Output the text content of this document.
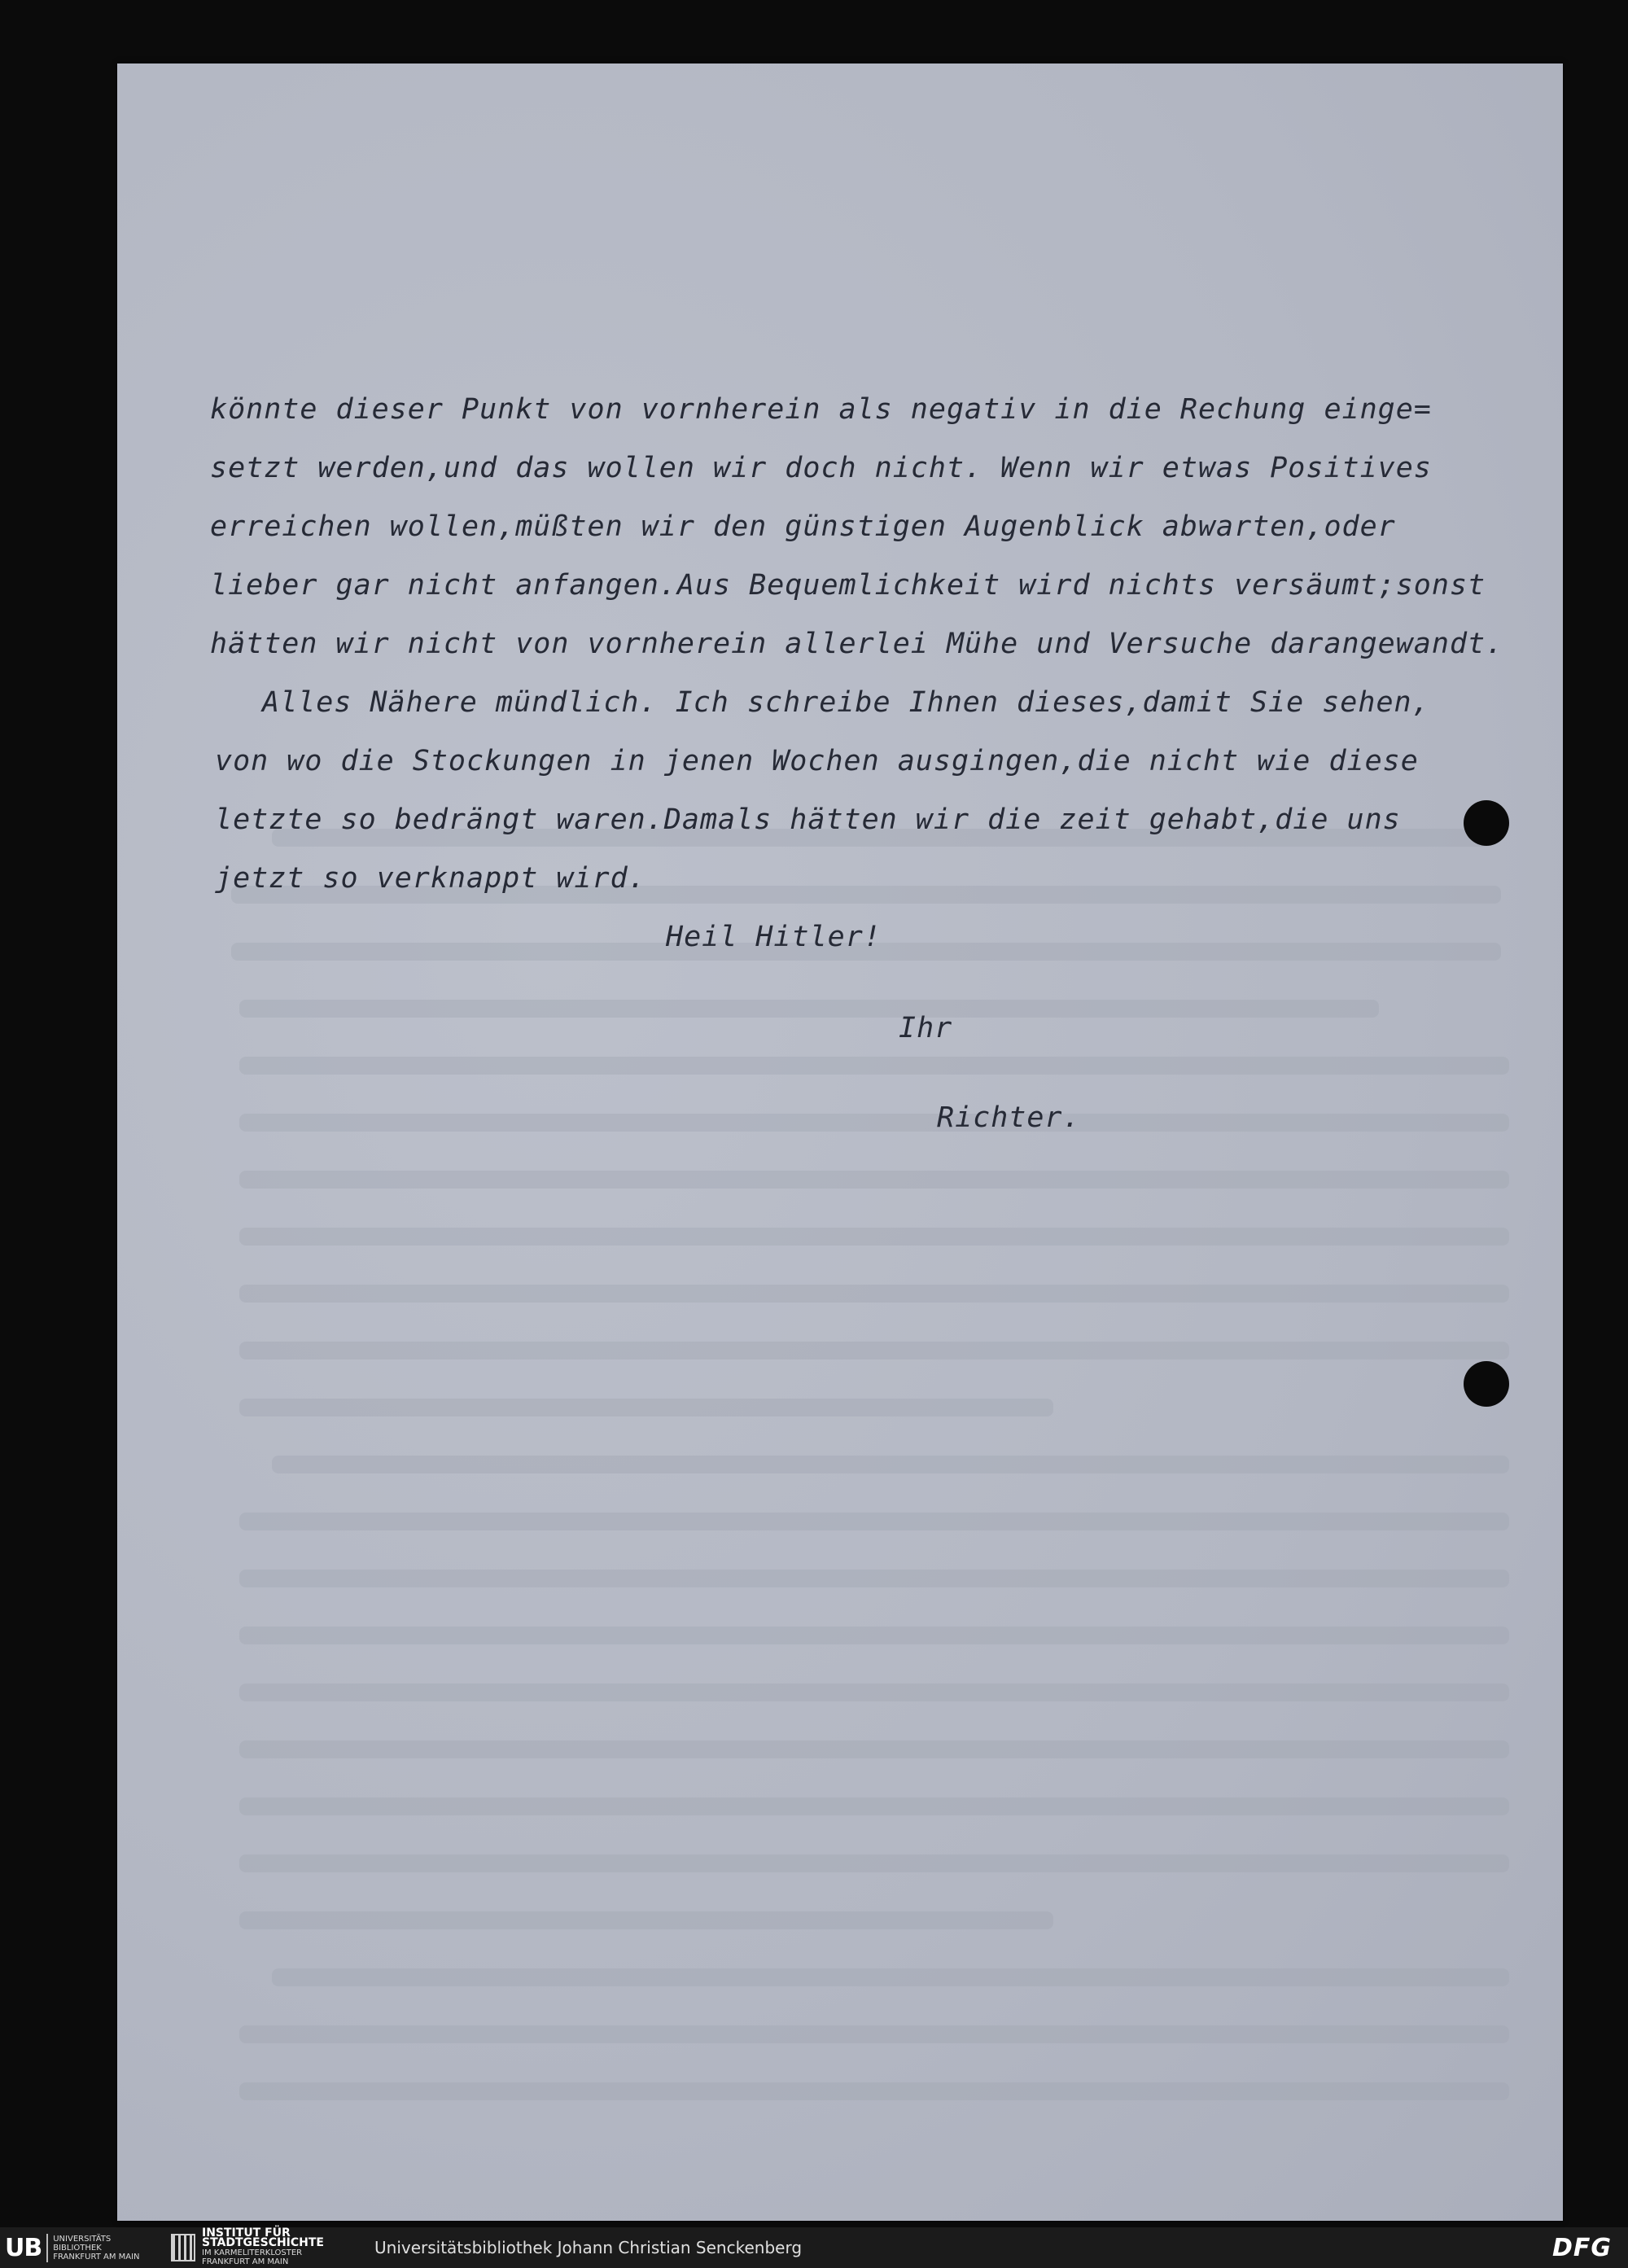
könnte dieser Punkt von vornherein als negativ in die Rechung einge=
setzt werden,und das wollen wir doch nicht. Wenn wir etwas Positives
erreichen wollen,müßten wir den günstigen Augenblick abwarten,oder
lieber gar nicht anfangen.Aus Bequemlichkeit wird nichts versäumt;sonst
hätten wir nicht von vornherein allerlei Mühe und Versuche darangewandt.
Alles Nähere mündlich. Ich schreibe Ihnen dieses,damit Sie sehen,
von wo die Stockungen in jenen Wochen ausgingen,die nicht wie diese
letzte so bedrängt waren.Damals hätten wir die zeit gehabt,die uns
jetzt so verknappt wird.
Heil Hitler!
Ihr
Richter.
UB	UNIVERSITÄTS
BIBLIOTHEK
FRANKFURT AM MAIN
INSTITUT FÜR
STADTGESCHICHTE
IM KARMELITERKLOSTER
FRANKFURT AM MAIN
Universitätsbibliothek Johann Christian Senckenberg	DFG
